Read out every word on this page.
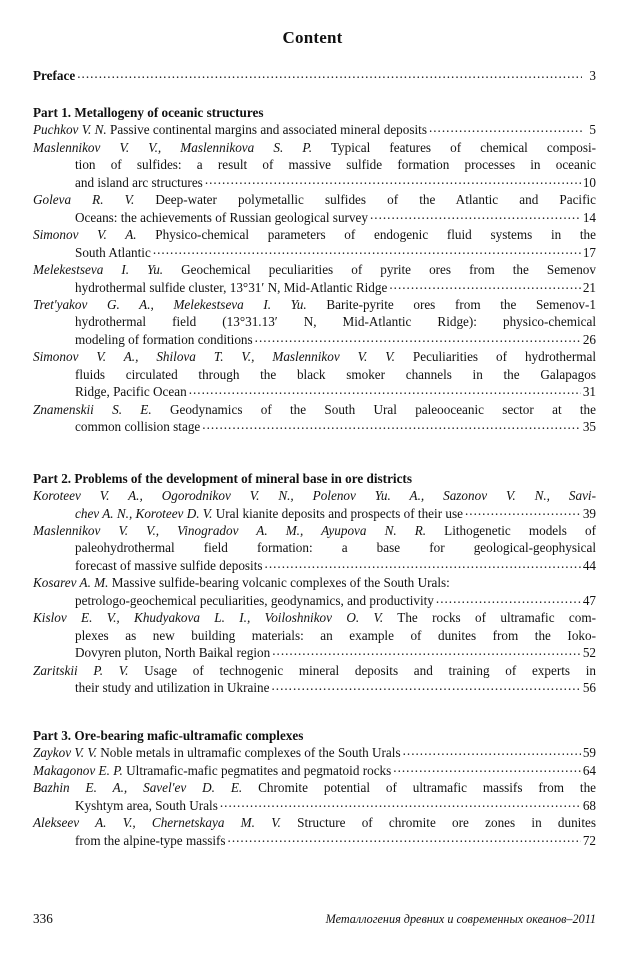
Content
Preface .....	3
Part 1. Metallogeny of oceanic structures
Puchkov V. N. Passive continental margins and associated mineral deposits .....	5
Maslennikov V. V., Maslennikova S. P. Typical features of chemical composi-
tion of sulfides: a result of massive sulfide formation processes in oceanic
and island arc structures .....	10
Goleva R. V. Deep-water polymetallic sulfides of the Atlantic and Pacific
Oceans: the achievements of Russian geological survey .....	14
Simonov V. A. Physico-chemical parameters of endogenic fluid systems in the
South Atlantic .....	17
Melekestseva I. Yu. Geochemical peculiarities of pyrite ores from the Semenov
hydrothermal sulfide cluster, 13°31′ N, Mid-Atlantic Ridge .....	21
Tret'yakov G. A., Melekestseva I. Yu. Barite-pyrite ores from the Semenov-1
hydrothermal field (13°31.13′ N, Mid-Atlantic Ridge): physico-chemical
modeling of formation conditions .....	26
Simonov V. A., Shilova T. V., Maslennikov V. V. Peculiarities of hydrothermal
fluids circulated through the black smoker channels in the Galapagos
Ridge, Pacific Ocean .....	31
Znamenskii S. E. Geodynamics of the South Ural paleooceanic sector at the
common collision stage .....	35
Part 2. Problems of the development of mineral base in ore districts
Koroteev V. A., Ogorodnikov V. N., Polenov Yu. A., Sazonov V. N., Savi-
chev A. N., Koroteev D. V. Ural kianite deposits and prospects of their use .....	39
Maslennikov V. V., Vinogradov A. M., Ayupova N. R. Lithogenetic models of
paleohydrothermal field formation: a base for geological-geophysical
forecast of massive sulfide deposits .....	44
Kosarev A. M. Massive sulfide-bearing volcanic complexes of the South Urals:
petrologo-geochemical peculiarities, geodynamics, and productivity .....	47
Kislov E. V., Khudyakova L. I., Voiloshnikov O. V. The rocks of ultramafic com-
plexes as new building materials: an example of dunites from the Ioko-
Dovyren pluton, North Baikal region .....	52
Zaritskii P. V. Usage of technogenic mineral deposits and training of experts in
their study and utilization in Ukraine .....	56
Part 3. Ore-bearing mafic-ultramafic complexes
Zaykov V. V. Noble metals in ultramafic complexes of the South Urals .....	59
Makagonov E. P. Ultramafic-mafic pegmatites and pegmatoid rocks .....	64
Bazhin E. A., Savel'ev D. E. Chromite potential of ultramafic massifs from the
Kyshtym area, South Urals .....	68
Alekseev A. V., Chernetskaya M. V. Structure of chromite ore zones in dunites
from the alpine-type massifs .....	72
336	Металлогения древних и современных океанов–2011
